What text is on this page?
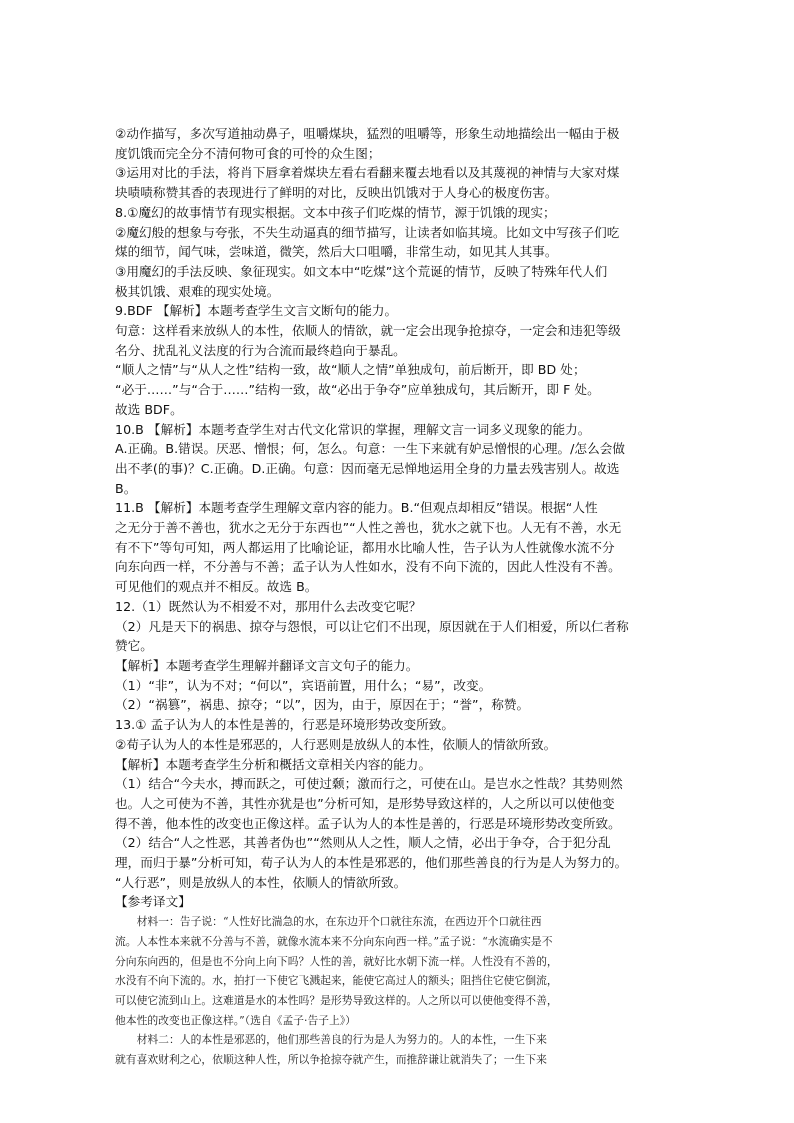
②动作描写，多次写道抽动鼻子，咀嚼煤块，猛烈的咀嚼等，形象生动地描绘出一幅由于极
度饥饿而完全分不清何物可食的可怜的众生图；
③运用对比的手法，将肖下唇拿着煤块左看右看翻来覆去地看以及其蔑视的神情与大家对煤
块啧啧称赞其香的表现进行了鲜明的对比，反映出饥饿对于人身心的极度伤害。
8.①魔幻的故事情节有现实根据。文本中孩子们吃煤的情节，源于饥饿的现实；
②魔幻般的想象与夸张，不失生动逼真的细节描写，让读者如临其境。比如文中写孩子们吃
煤的细节，闻气味，尝味道，微笑，然后大口咀嚼，非常生动，如见其人其事。
③用魔幻的手法反映、象征现实。如文本中“吃煤”这个荒诞的情节，反映了特殊年代人们
极其饥饿、艰难的现实处境。
9.BDF 【解析】本题考查学生文言文断句的能力。
句意：这样看来放纵人的本性，依顺人的情欲，就一定会出现争抢掠夺，一定会和违犯等级
名分、扰乱礼义法度的行为合流而最终趋向于暴乱。
“顺人之情”与“从人之性”结构一致，故“顺人之情”单独成句，前后断开，即 BD 处；
“必于……”与“合于……”结构一致，故“必出于争夺”应单独成句，其后断开，即 F 处。
故选 BDF。
10.B 【解析】本题考查学生对古代文化常识的掌握，理解文言一词多义现象的能力。
A.正确。B.错误。厌恶、憎恨；何，怎么。句意：一生下来就有妒忌憎恨的心理。/怎么会做
出不孝(的事)？C.正确。D.正确。句意：因而毫无忌惮地运用全身的力量去残害别人。故选
B。
11.B 【解析】本题考查学生理解文章内容的能力。B.“但观点却相反”错误。根据“人性
之无分于善不善也，犹水之无分于东西也”“人性之善也，犹水之就下也。人无有不善，水无
有不下”等句可知，两人都运用了比喻论证，都用水比喻人性，告子认为人性就像水流不分
向东向西一样，不分善与不善；孟子认为人性如水，没有不向下流的，因此人性没有不善。
可见他们的观点并不相反。故选 B。
12.（1）既然认为不相爱不对，那用什么去改变它呢？
（2）凡是天下的祸患、掠夺与怨恨，可以让它们不出现，原因就在于人们相爱，所以仁者称
赞它。
【解析】本题考查学生理解并翻译文言文句子的能力。
（1）“非”，认为不对；“何以”，宾语前置，用什么；“易”，改变。
（2）“祸篡”，祸患、掠夺；“以”，因为，由于，原因在于；“誉”，称赞。
13.① 孟子认为人的本性是善的，行恶是环境形势改变所致。
②荀子认为人的本性是邪恶的，人行恶则是放纵人的本性，依顺人的情欲所致。
【解析】本题考查学生分析和概括文章相关内容的能力。
（1）结合“今夫水，搏而跃之，可使过颡；激而行之，可使在山。是岂水之性哉？其势则然
也。人之可使为不善，其性亦犹是也”分析可知，是形势导致这样的，人之所以可以使他变
得不善，他本性的改变也正像这样。孟子认为人的本性是善的，行恶是环境形势改变所致。
（2）结合“人之性恶，其善者伪也”“然则从人之性，顺人之情，必出于争夺，合于犯分乱
理，而归于暴”分析可知，荀子认为人的本性是邪恶的，他们那些善良的行为是人为努力的。
“人行恶”，则是放纵人的本性，依顺人的情欲所致。
【参考译文】
　　材料一：告子说：“人性好比湍急的水，在东边开个口就往东流，在西边开个口就往西
流。人本性本来就不分善与不善，就像水流本来不分向东向西一样。”孟子说：“水流确实是不
分向东向西的，但是也不分向上向下吗？人性的善，就好比水朝下流一样。人性没有不善的，
水没有不向下流的。水，拍打一下使它飞溅起来，能使它高过人的额头；阻挡住它使它倒流，
可以使它流到山上。这难道是水的本性吗？是形势导致这样的。人之所以可以使他变得不善，
他本性的改变也正像这样。”（选自《孟子·告子上》）
　　材料二：人的本性是邪恶的，他们那些善良的行为是人为努力的。人的本性，一生下来
就有喜欢财利之心，依顺这种人性，所以争抢掠夺就产生，而推辞谦让就消失了；一生下来
